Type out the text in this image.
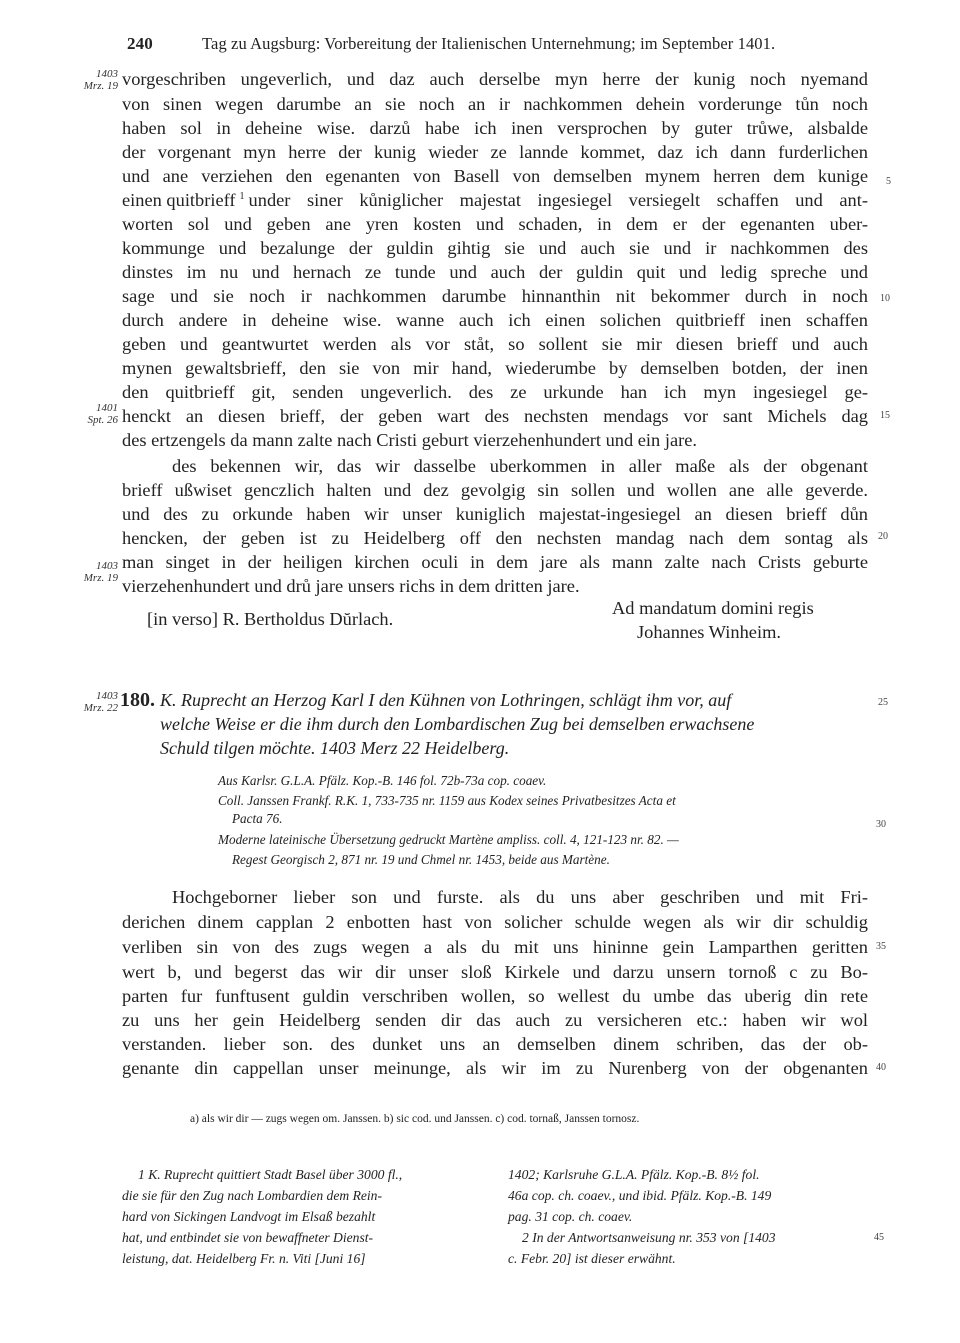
240	Tag zu Augsburg: Vorbereitung der Italienischen Unternehmung; im September 1401.
1403
Mrz. 19
1401
Spt. 26
1403
Mrz. 19
1403
Mrz. 22
5
10
15
20
25
30
35
40
45
vorgeschriben ungeverlich, und daz auch derselbe myn herre der kunig noch nyemand
von sinen wegen darumbe an sie noch an ir nachkommen dehein vorderunge tůn noch
haben sol in deheine wise. darzů habe ich inen versprochen by guter trůwe, alsbalde
der vorgenant myn herre der kunig wieder ze lannde kommet, daz ich dann furderlichen
und ane verziehen den egenanten von Basell von demselben mynem herren dem kunige
einen quitbrieff 1 under siner kůniglicher majestat ingesiegel versiegelt schaffen und ant-
worten sol und geben ane yren kosten und schaden, in dem er der egenanten uber-
kommunge und bezalunge der guldin gihtig sie und auch sie und ir nachkommen des
dinstes im nu und hernach ze tunde und auch der guldin quit und ledig spreche und
sage und sie noch ir nachkommen darumbe hinnanthin nit bekommer durch in noch
durch andere in deheine wise. wanne auch ich einen solichen quitbrieff inen schaffen
geben und geantwurtet werden als vor ståt, so sollent sie mir diesen brieff und auch
mynen gewaltsbrieff, den sie von mir hand, wiederumbe by demselben botden, der inen
den quitbrieff git, senden ungeverlich. des ze urkunde han ich myn ingesiegel ge-
henckt an diesen brieff, der geben wart des nechsten mendags vor sant Michels dag
des ertzengels da mann zalte nach Cristi geburt vierzehenhundert und ein jare.
des bekennen wir, das wir dasselbe uberkommen in aller maße als der obgenant
brieff ußwiset genczlich halten und dez gevolgig sin sollen und wollen ane alle geverde.
und des zu orkunde haben wir unser kuniglich majestat-ingesiegel an diesen brieff důn
hencken, der geben ist zu Heidelberg off den nechsten mandag nach dem sontag als
man singet in der heiligen kirchen oculi in dem jare als mann zalte nach Crists geburte
vierzehenhundert und drů jare unsers richs in dem dritten jare.
[in verso] R. Bertholdus Dŭrlach.
Ad mandatum domini regis
Johannes Winheim.
180. K. Ruprecht an Herzog Karl I den Kühnen von Lothringen, schlägt ihm vor, auf
welche Weise er die ihm durch den Lombardischen Zug bei demselben erwachsene
Schuld tilgen möchte. 1403 Merz 22 Heidelberg.
Aus Karlsr. G.L.A. Pfälz. Kop.-B. 146 fol. 72b-73a cop. coaev.
Coll. Janssen Frankf. R.K. 1, 733-735 nr. 1159 aus Kodex seines Privatbesitzes Acta et
Pacta 76.
Moderne lateinische Übersetzung gedruckt Martène ampliss. coll. 4, 121-123 nr. 82. —
Regest Georgisch 2, 871 nr. 19 und Chmel nr. 1453, beide aus Martène.
Hochgeborner lieber son und furste. als du uns aber geschriben und mit Fri-
derichen dinem capplan 2 enbotten hast von solicher schulde wegen als wir dir schuldig
verliben sin von des zugs wegen a als du mit uns hininne gein Lamparthen geritten
wert b, und begerst das wir dir unser sloß Kirkele und darzu unsern tornoß c zu Bo-
parten fur funftusent guldin verschriben wollen, so wellest du umbe das uberig din rete
zu uns her gein Heidelberg senden dir das auch zu versicheren etc.: haben wir wol
verstanden. lieber son. des dunket uns an demselben dinem schriben, das der ob-
genante din cappellan unser meinunge, als wir im zu Nurenberg von der obgenanten
a) als wir dir — zugs wegen om. Janssen. b) sic cod. und Janssen. c) cod. tornaß, Janssen tornosz.
1 K. Ruprecht quittiert Stadt Basel über 3000 fl.,
die sie für den Zug nach Lombardien dem Rein-
hard von Sickingen Landvogt im Elsaß bezahlt
hat, und entbindet sie von bewaffneter Dienst-
leistung, dat. Heidelberg Fr. n. Viti [Juni 16]
1402; Karlsruhe G.L.A. Pfälz. Kop.-B. 8½ fol.
46a cop. ch. coaev., und ibid. Pfälz. Kop.-B. 149
pag. 31 cop. ch. coaev.
2 In der Antwortsanweisung nr. 353 von [1403
c. Febr. 20] ist dieser erwähnt.
